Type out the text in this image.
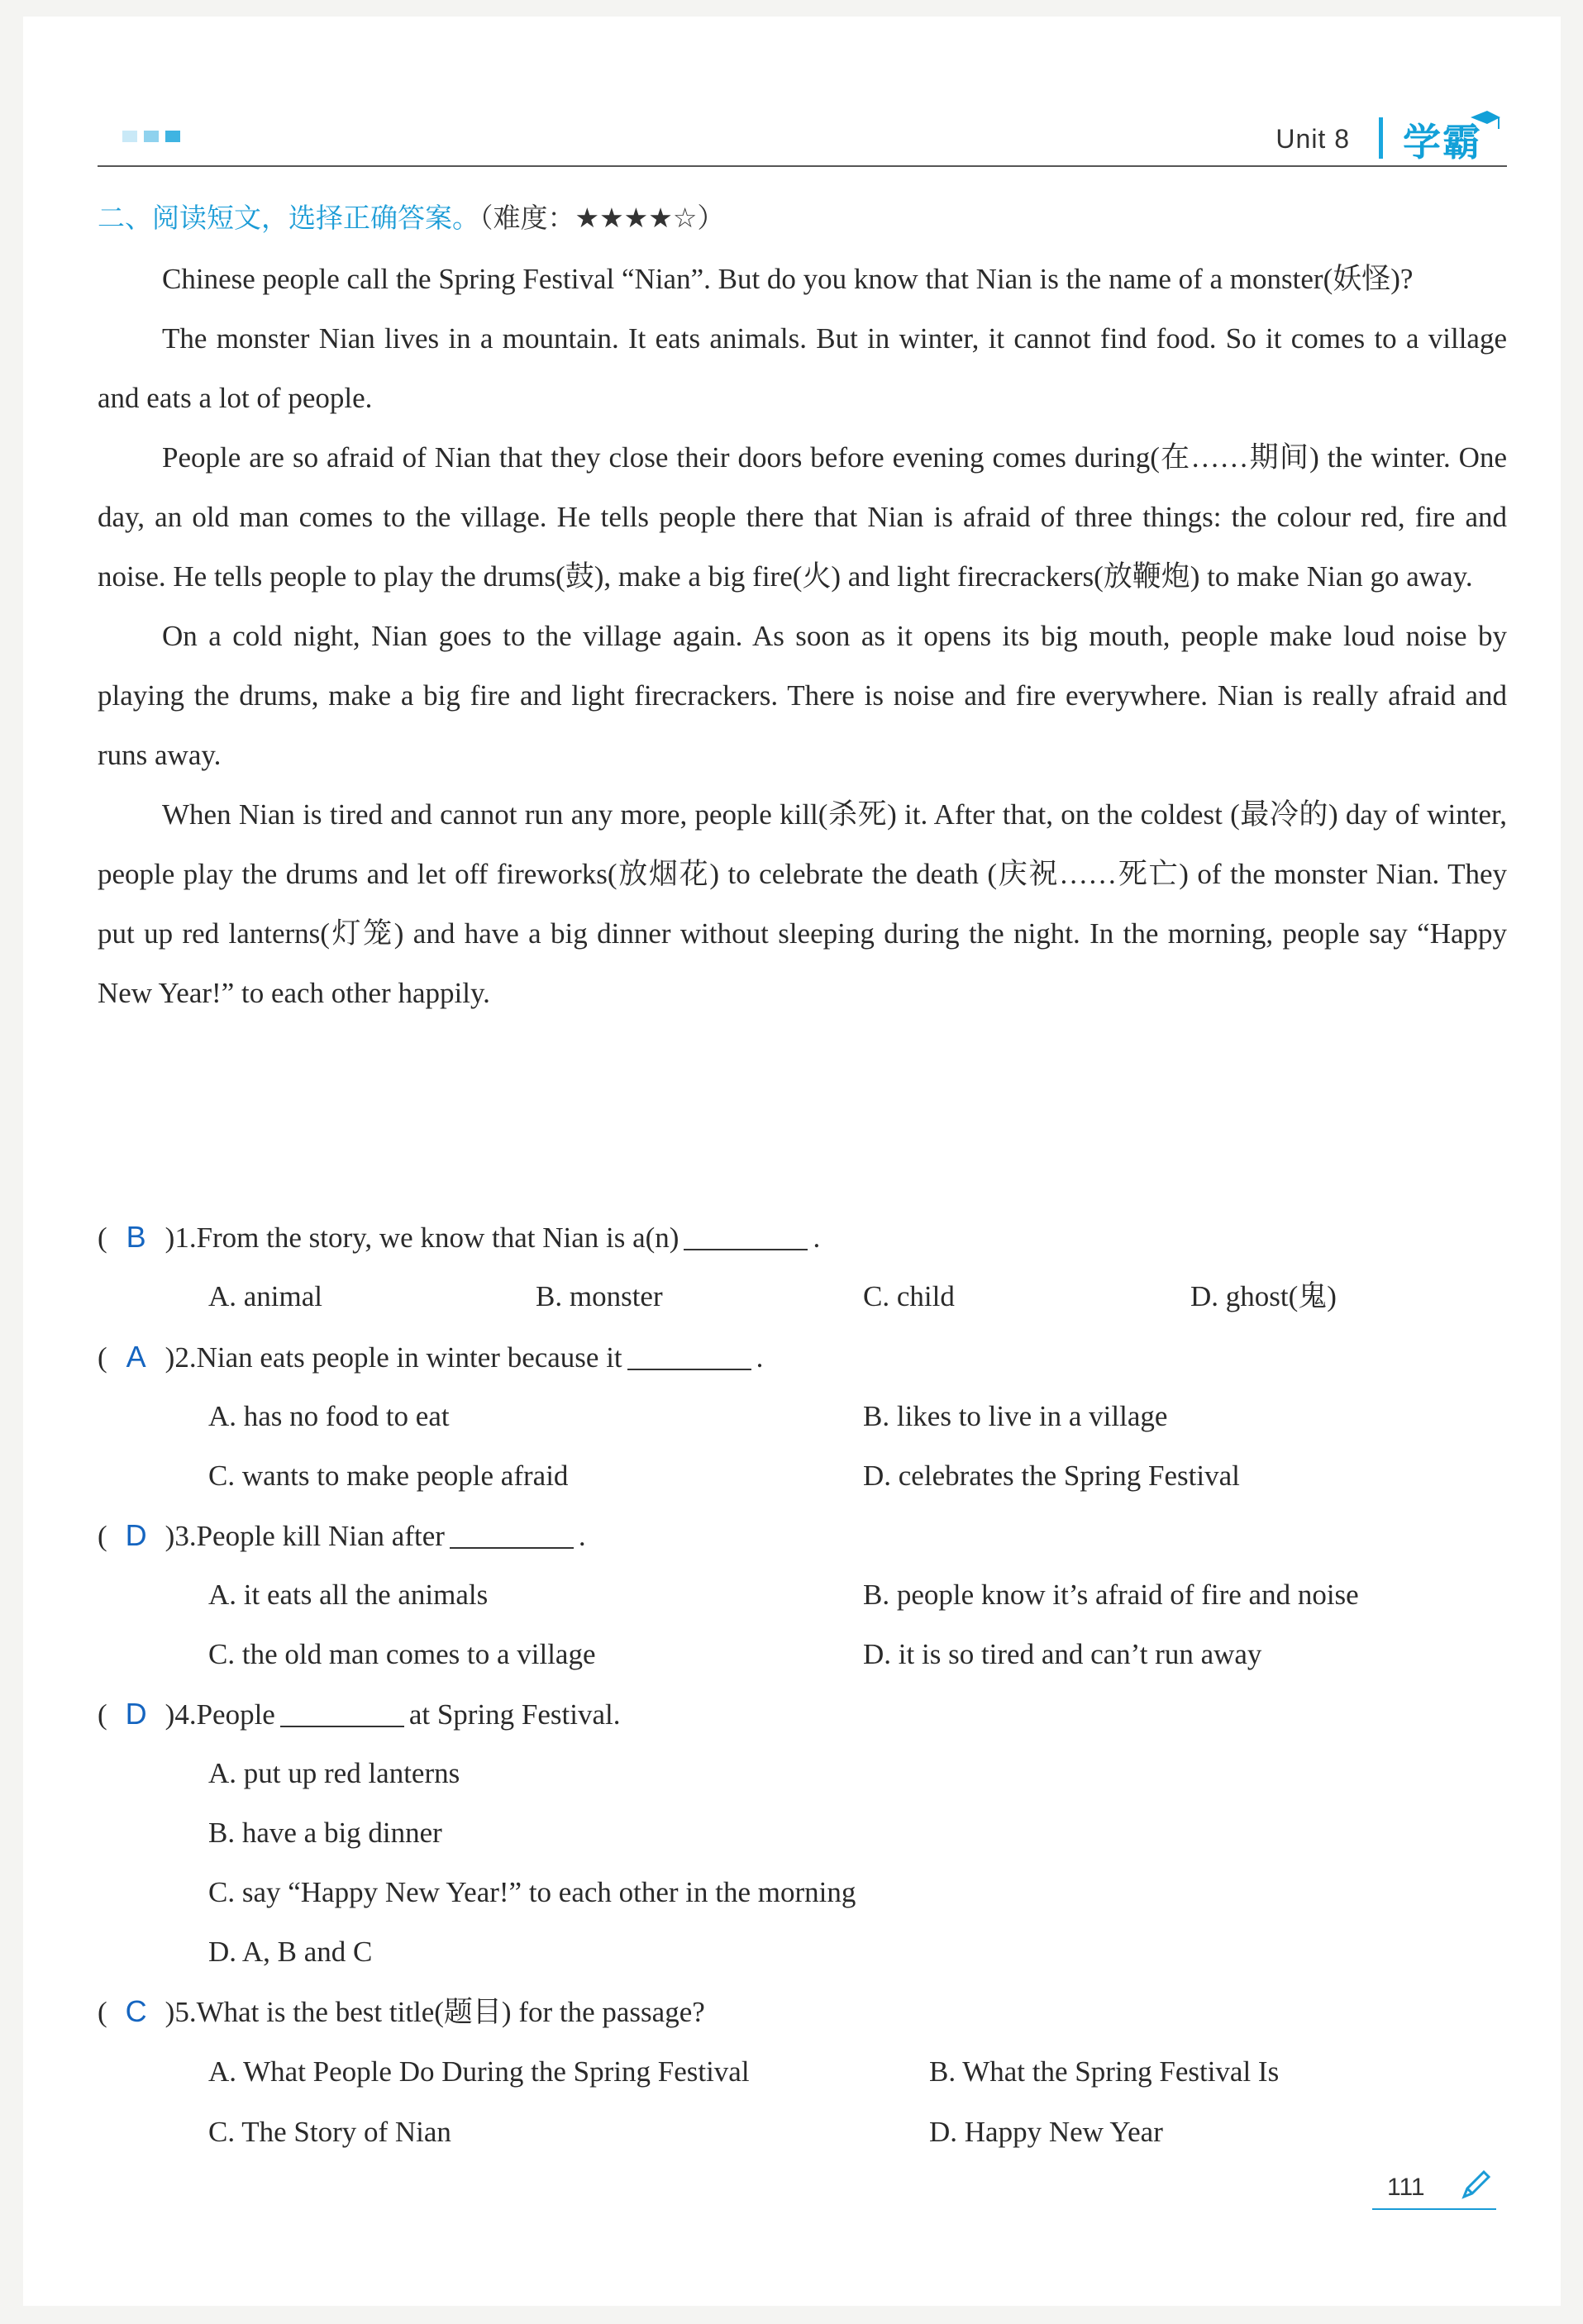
Unit 8 学霸
二、阅读短文，选择正确答案。（难度：★★★★☆）

Chinese people call the Spring Festival “Nian”. But do you know that Nian is the name of a monster(妖怪)?

The monster Nian lives in a mountain. It eats animals. But in winter, it cannot find food. So it comes to a village and eats a lot of people.

People are so afraid of Nian that they close their doors before evening comes during(在……期间) the winter. One day, an old man comes to the village. He tells people there that Nian is afraid of three things: the colour red, fire and noise. He tells people to play the drums(鼓), make a big fire(火) and light firecrackers(放鞭炮) to make Nian go away.

On a cold night, Nian goes to the village again. As soon as it opens its big mouth, people make loud noise by playing the drums, make a big fire and light firecrackers. There is noise and fire everywhere. Nian is really afraid and runs away.

When Nian is tired and cannot run any more, people kill(杀死) it. After that, on the coldest (最冷的) day of winter, people play the drums and let off fireworks(放烟花) to celebrate the death (庆祝……死亡) of the monster Nian. They put up red lanterns(灯笼) and have a big dinner without sleeping during the night. In the morning, people say “Happy New Year!” to each other happily.

( B )1.From the story, we know that Nian is a(n)	.
A. animal	B. monster	C. child	D. ghost(鬼)
( A )2.Nian eats people in winter because it	.
A. has no food to eat	B. likes to live in a village
C. wants to make people afraid	D. celebrates the Spring Festival
( D )3.People kill Nian after	.
A. it eats all the animals	B. people know it’s afraid of fire and noise
C. the old man comes to a village	D. it is so tired and can’t run away
( D )4.People	at Spring Festival.
A. put up red lanterns
B. have a big dinner
C. say “Happy New Year!” to each other in the morning
D. A, B and C
( C )5.What is the best title(题目) for the passage?
A. What People Do During the Spring Festival	B. What the Spring Festival Is
C. The Story of Nian	D. Happy New Year
111
